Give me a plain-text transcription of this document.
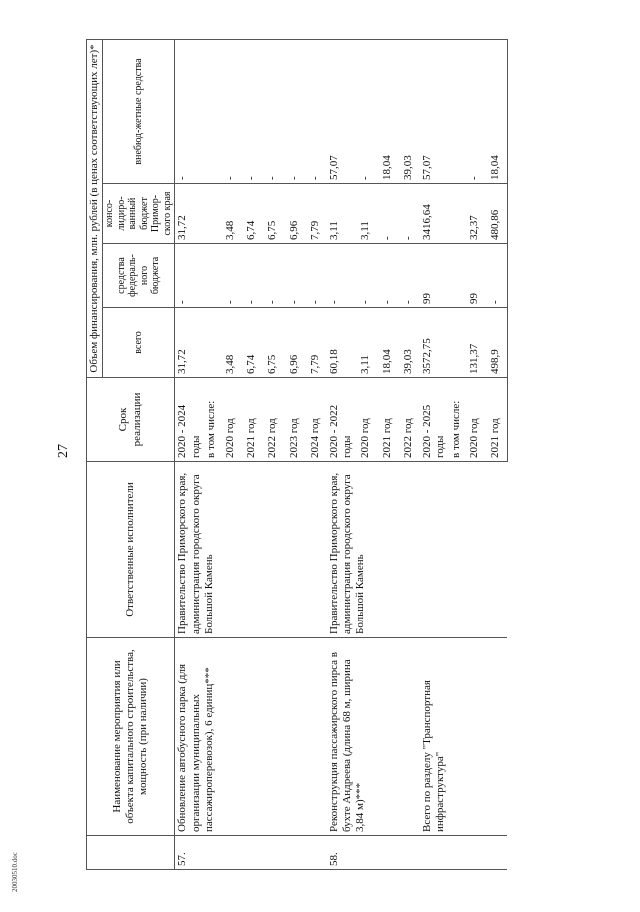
27
20030510.doc
	Наименование мероприятия или объекта капитального строительства, мощность (при наличии)	Ответственные исполнители	Срок реализации	Объем финансирования, млн. рублей (в ценах соответствующих лет)*			
				всего	средства федераль-ного бюджета	консо-лидиро-ванный бюджет Примор-ского края	внебюд-жетные средства
57.	Обновление автобусного парка (для организации муниципальных пассажироперевозок), 6 единиц***	Правительство Приморского края, администрация городского округа Большой Камень	2020 - 2024 годы	31,72	-	31,72	-
			в том числе:				
			2020 год	3,48	-	3,48	-
			2021 год	6,74	-	6,74	-
			2022 год	6,75	-	6,75	-
			2023 год	6,96	-	6,96	-
			2024 год	7,79	-	7,79	-
58.	Реконструкция пассажирского пирса в бухте Андреева (длина 68 м, ширина 3,84 м)***	Правительство Приморского края, администрация городского округа Большой Камень	2020 - 2022 годы	60,18	-	3,11	57,07
			2020 год	3,11	-	3,11	-
			2021 год	18,04	-	-	18,04
			2022 год	39,03	-	-	39,03
	Всего по разделу "Транспортная инфраструктура"		2020 - 2025 годы	3572,75	99	3416,64	57,07
			в том числе:				
			2020 год	131,37	99	32,37	-
			2021 год	498,9	-	480,86	18,04
